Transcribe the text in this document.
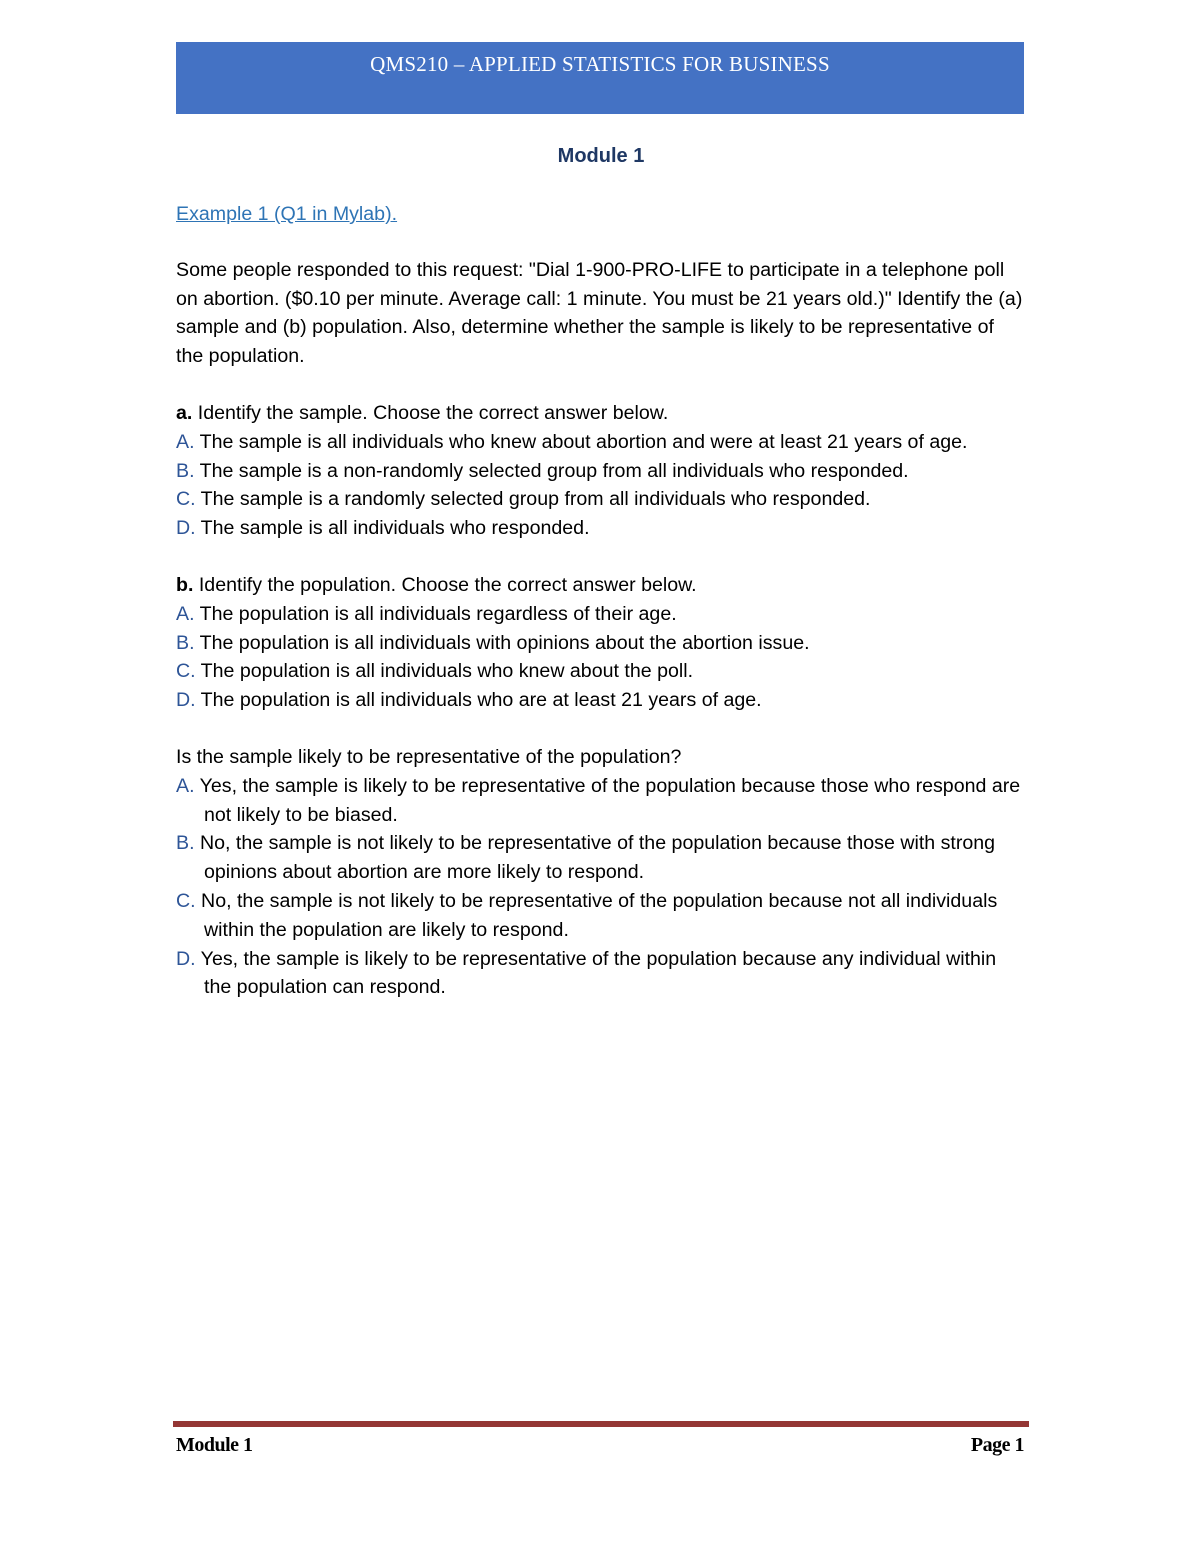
QMS210 – APPLIED STATISTICS FOR BUSINESS
Module 1
Example 1 (Q1 in Mylab).

Some people responded to this request: "Dial 1-900-PRO-LIFE to participate in a telephone poll on abortion. ($0.10 per minute. Average call: 1 minute. You must be 21 years old.)" Identify the (a) sample and (b) population. Also, determine whether the sample is likely to be representative of the population.

a. Identify the sample. Choose the correct answer below.

A. The sample is all individuals who knew about abortion and were at least 21 years of age.

B. The sample is a non-randomly selected group from all individuals who responded.

C. The sample is a randomly selected group from all individuals who responded.

D. The sample is all individuals who responded.

b. Identify the population. Choose the correct answer below.

A. The population is all individuals regardless of their age.

B. The population is all individuals with opinions about the abortion issue.

C. The population is all individuals who knew about the poll.

D. The population is all individuals who are at least 21 years of age.

Is the sample likely to be representative of the population?

A. Yes, the sample is likely to be representative of the population because those who respond are not likely to be biased.

B. No, the sample is not likely to be representative of the population because those with strong opinions about abortion are more likely to respond.

C. No, the sample is not likely to be representative of the population because not all individuals within the population are likely to respond.

D. Yes, the sample is likely to be representative of the population because any individual within the population can respond.

Module 1	Page 1
